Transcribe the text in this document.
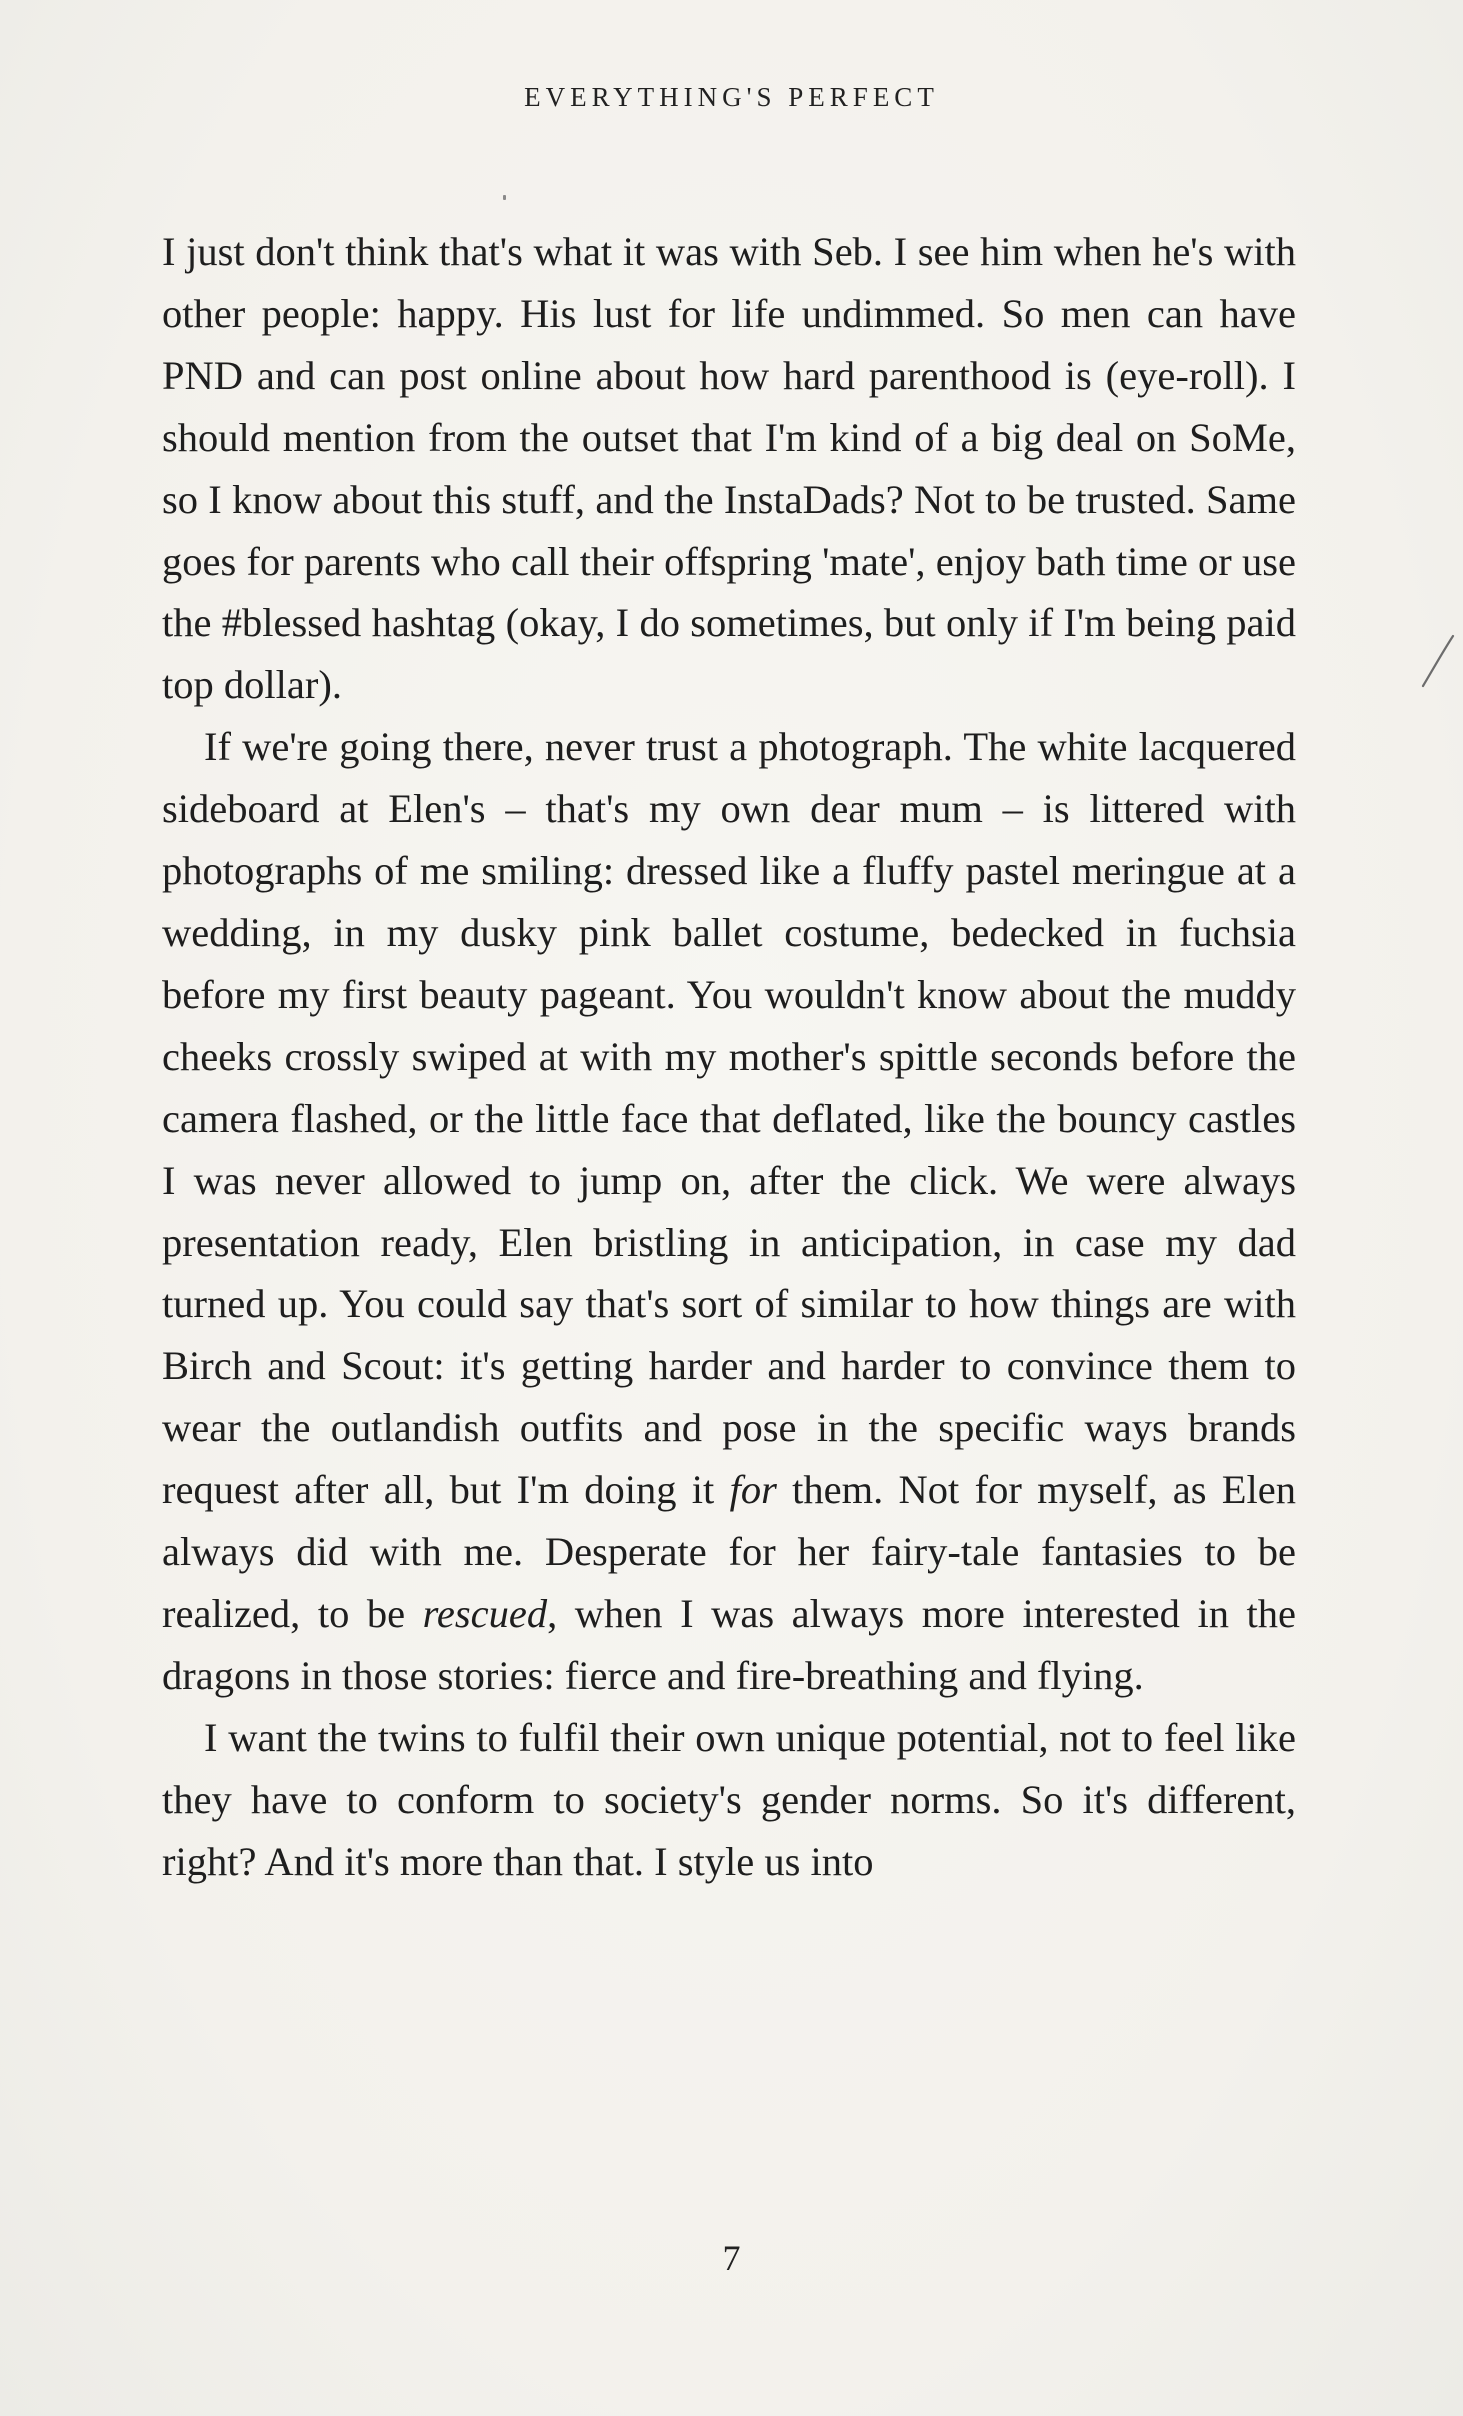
EVERYTHING'S PERFECT

I just don't think that's what it was with Seb. I see him when he's with other people: happy. His lust for life undimmed. So men can have PND and can post online about how hard parenthood is (eye-roll). I should mention from the outset that I'm kind of a big deal on SoMe, so I know about this stuff, and the InstaDads? Not to be trusted. Same goes for parents who call their offspring 'mate', enjoy bath time or use the #blessed hashtag (okay, I do sometimes, but only if I'm being paid top dollar).

If we're going there, never trust a photograph. The white lacquered sideboard at Elen's – that's my own dear mum – is littered with photographs of me smiling: dressed like a fluffy pastel meringue at a wedding, in my dusky pink ballet costume, bedecked in fuchsia before my first beauty pageant. You wouldn't know about the muddy cheeks crossly swiped at with my mother's spittle seconds before the camera flashed, or the little face that deflated, like the bouncy castles I was never allowed to jump on, after the click. We were always presentation ready, Elen bristling in anticipation, in case my dad turned up. You could say that's sort of similar to how things are with Birch and Scout: it's getting harder and harder to convince them to wear the outlandish outfits and pose in the specific ways brands request after all, but I'm doing it for them. Not for myself, as Elen always did with me. Desperate for her fairy-tale fantasies to be realized, to be rescued, when I was always more interested in the dragons in those stories: fierce and fire-breathing and flying.

I want the twins to fulfil their own unique potential, not to feel like they have to conform to society's gender norms. So it's different, right? And it's more than that. I style us into

7
